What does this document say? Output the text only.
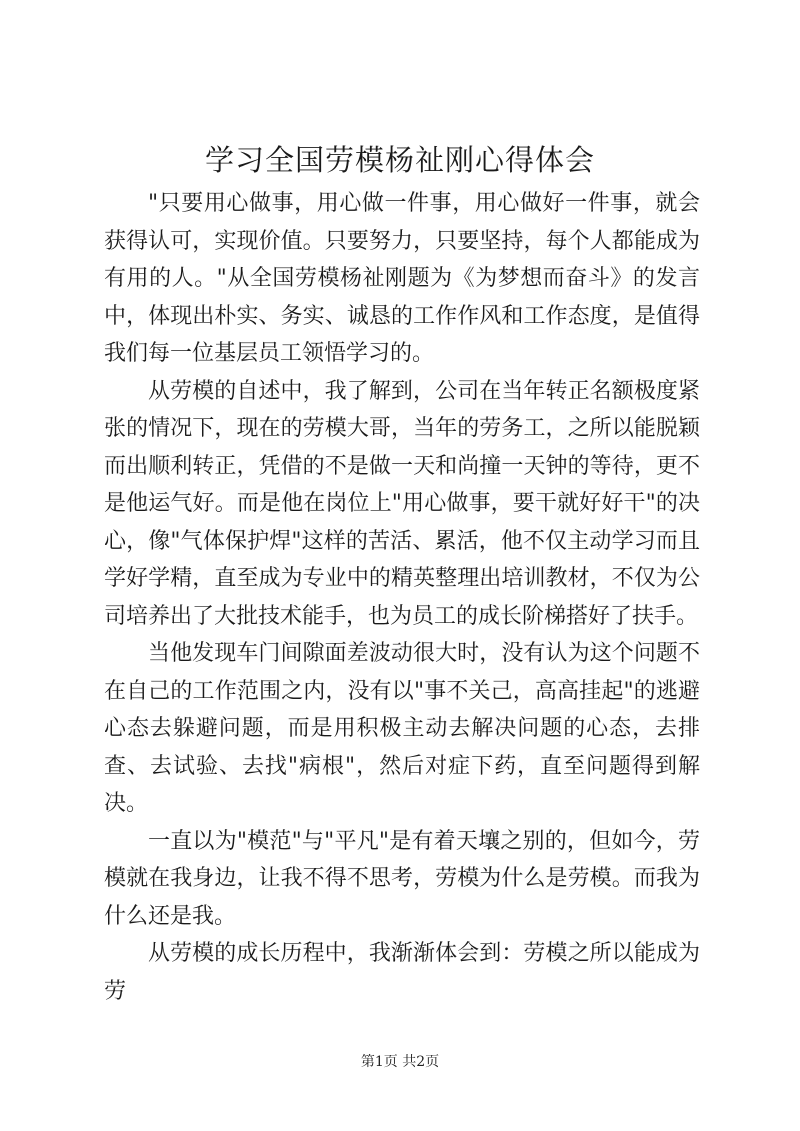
学习全国劳模杨祉刚心得体会

"只要用心做事，用心做一件事，用心做好一件事，就会获得认可，实现价值。只要努力，只要坚持，每个人都能成为有用的人。"从全国劳模杨祉刚题为《为梦想而奋斗》的发言中，体现出朴实、务实、诚恳的工作作风和工作态度，是值得我们每一位基层员工领悟学习的。

从劳模的自述中，我了解到，公司在当年转正名额极度紧张的情况下，现在的劳模大哥，当年的劳务工，之所以能脱颖而出顺利转正，凭借的不是做一天和尚撞一天钟的等待，更不是他运气好。而是他在岗位上"用心做事，要干就好好干"的决心，像"气体保护焊"这样的苦活、累活，他不仅主动学习而且学好学精，直至成为专业中的精英整理出培训教材，不仅为公司培养出了大批技术能手，也为员工的成长阶梯搭好了扶手。

当他发现车门间隙面差波动很大时，没有认为这个问题不在自己的工作范围之内，没有以"事不关己，高高挂起"的逃避心态去躲避问题，而是用积极主动去解决问题的心态，去排查、去试验、去找"病根"，然后对症下药，直至问题得到解决。

一直以为"模范"与"平凡"是有着天壤之别的，但如今，劳模就在我身边，让我不得不思考，劳模为什么是劳模。而我为什么还是我。

从劳模的成长历程中，我渐渐体会到：劳模之所以能成为劳

第1页 共2页
